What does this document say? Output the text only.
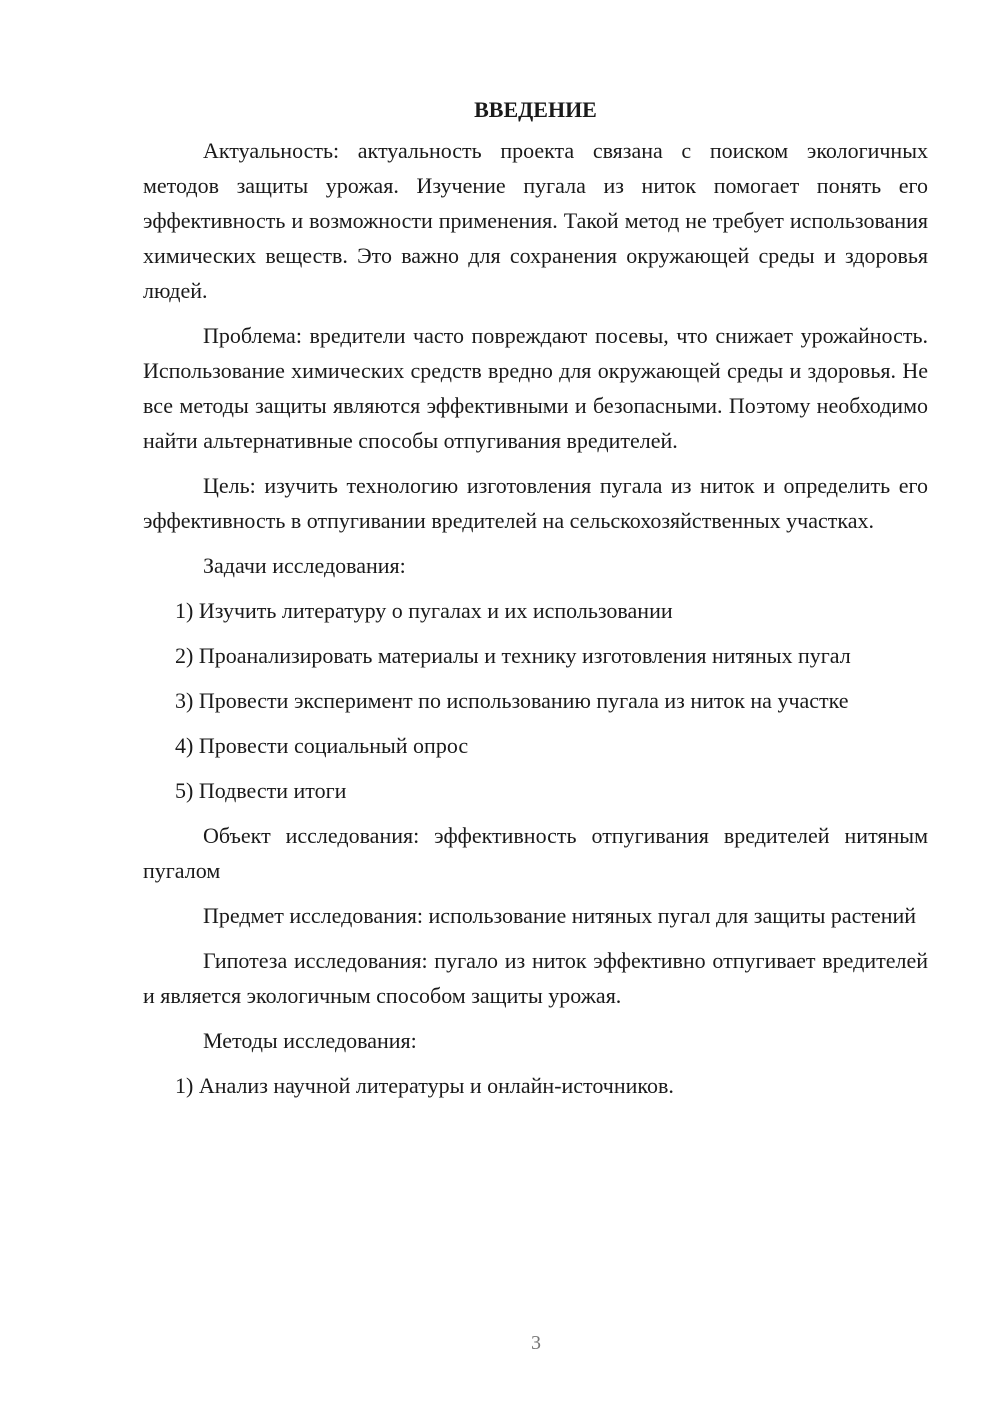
ВВЕДЕНИЕ

Актуальность: актуальность проекта связана с поиском экологичных методов защиты урожая. Изучение пугала из ниток помогает понять его эффективность и возможности применения. Такой метод не требует использования химических веществ. Это важно для сохранения окружающей среды и здоровья людей.

Проблема: вредители часто повреждают посевы, что снижает урожайность. Использование химических средств вредно для окружающей среды и здоровья. Не все методы защиты являются эффективными и безопасными. Поэтому необходимо найти альтернативные способы отпугивания вредителей.

Цель: изучить технологию изготовления пугала из ниток и определить его эффективность в отпугивании вредителей на сельскохозяйственных участках.

Задачи исследования:

1) Изучить литературу о пугалах и их использовании

2) Проанализировать материалы и технику изготовления нитяных пугал

3) Провести эксперимент по использованию пугала из ниток на участке

4) Провести социальный опрос

5) Подвести итоги

Объект исследования: эффективность отпугивания вредителей нитяным пугалом

Предмет исследования: использование нитяных пугал для защиты растений

Гипотеза исследования: пугало из ниток эффективно отпугивает вредителей и является экологичным способом защиты урожая.

Методы исследования:

1) Анализ научной литературы и онлайн-источников.

3
